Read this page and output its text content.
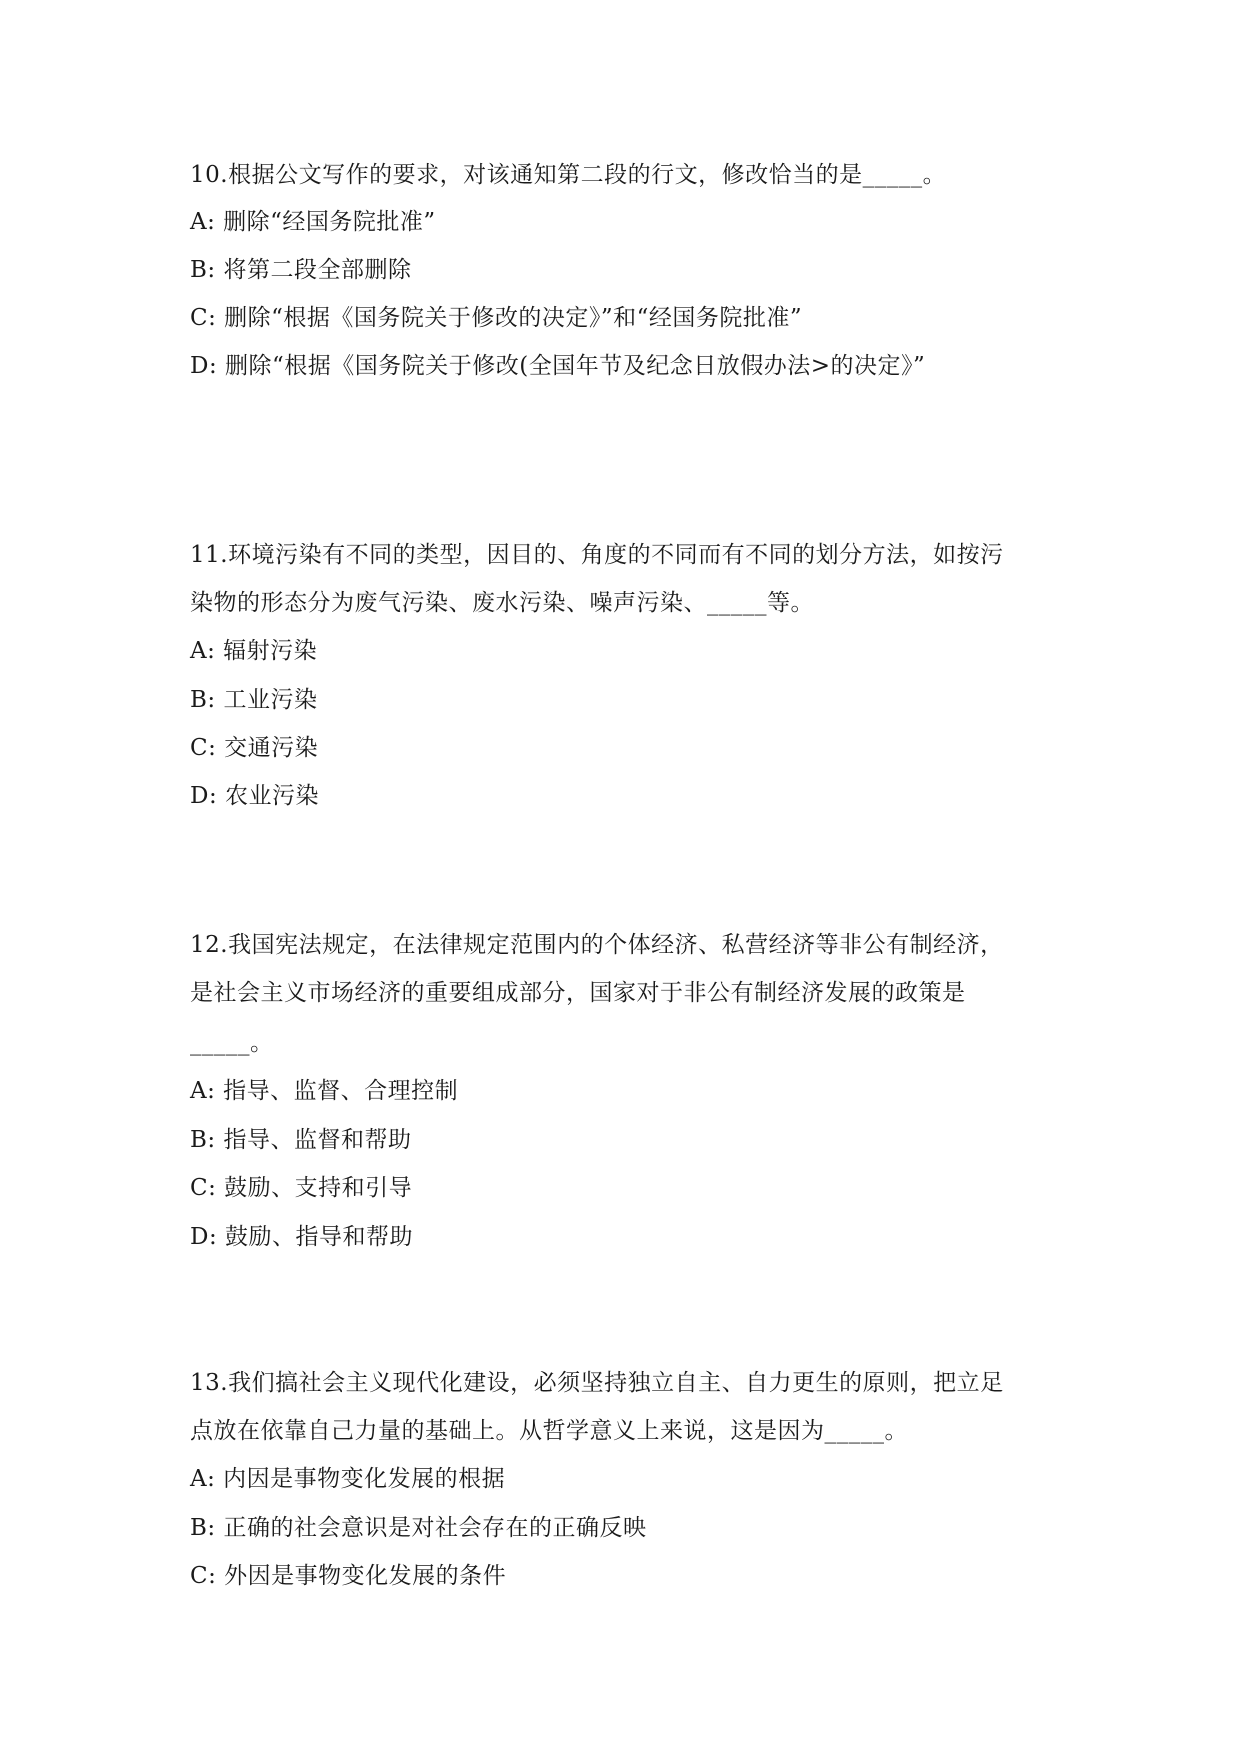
10.根据公文写作的要求，对该通知第二段的行文，修改恰当的是_____。
A: 删除“经国务院批准”
B: 将第二段全部删除
C: 删除“根据《国务院关于修改的决定》”和“经国务院批准”
D: 删除“根据《国务院关于修改(全国年节及纪念日放假办法>的决定》”
11.环境污染有不同的类型，因目的、角度的不同而有不同的划分方法，如按污
染物的形态分为废气污染、废水污染、噪声污染、_____等。
A: 辐射污染
B: 工业污染
C: 交通污染
D: 农业污染
12.我国宪法规定，在法律规定范围内的个体经济、私营经济等非公有制经济，
是社会主义市场经济的重要组成部分，国家对于非公有制经济发展的政策是
_____。
A: 指导、监督、合理控制
B: 指导、监督和帮助
C: 鼓励、支持和引导
D: 鼓励、指导和帮助
13.我们搞社会主义现代化建设，必须坚持独立自主、自力更生的原则，把立足
点放在依靠自己力量的基础上。从哲学意义上来说，这是因为_____。
A: 内因是事物变化发展的根据
B: 正确的社会意识是对社会存在的正确反映
C: 外因是事物变化发展的条件
